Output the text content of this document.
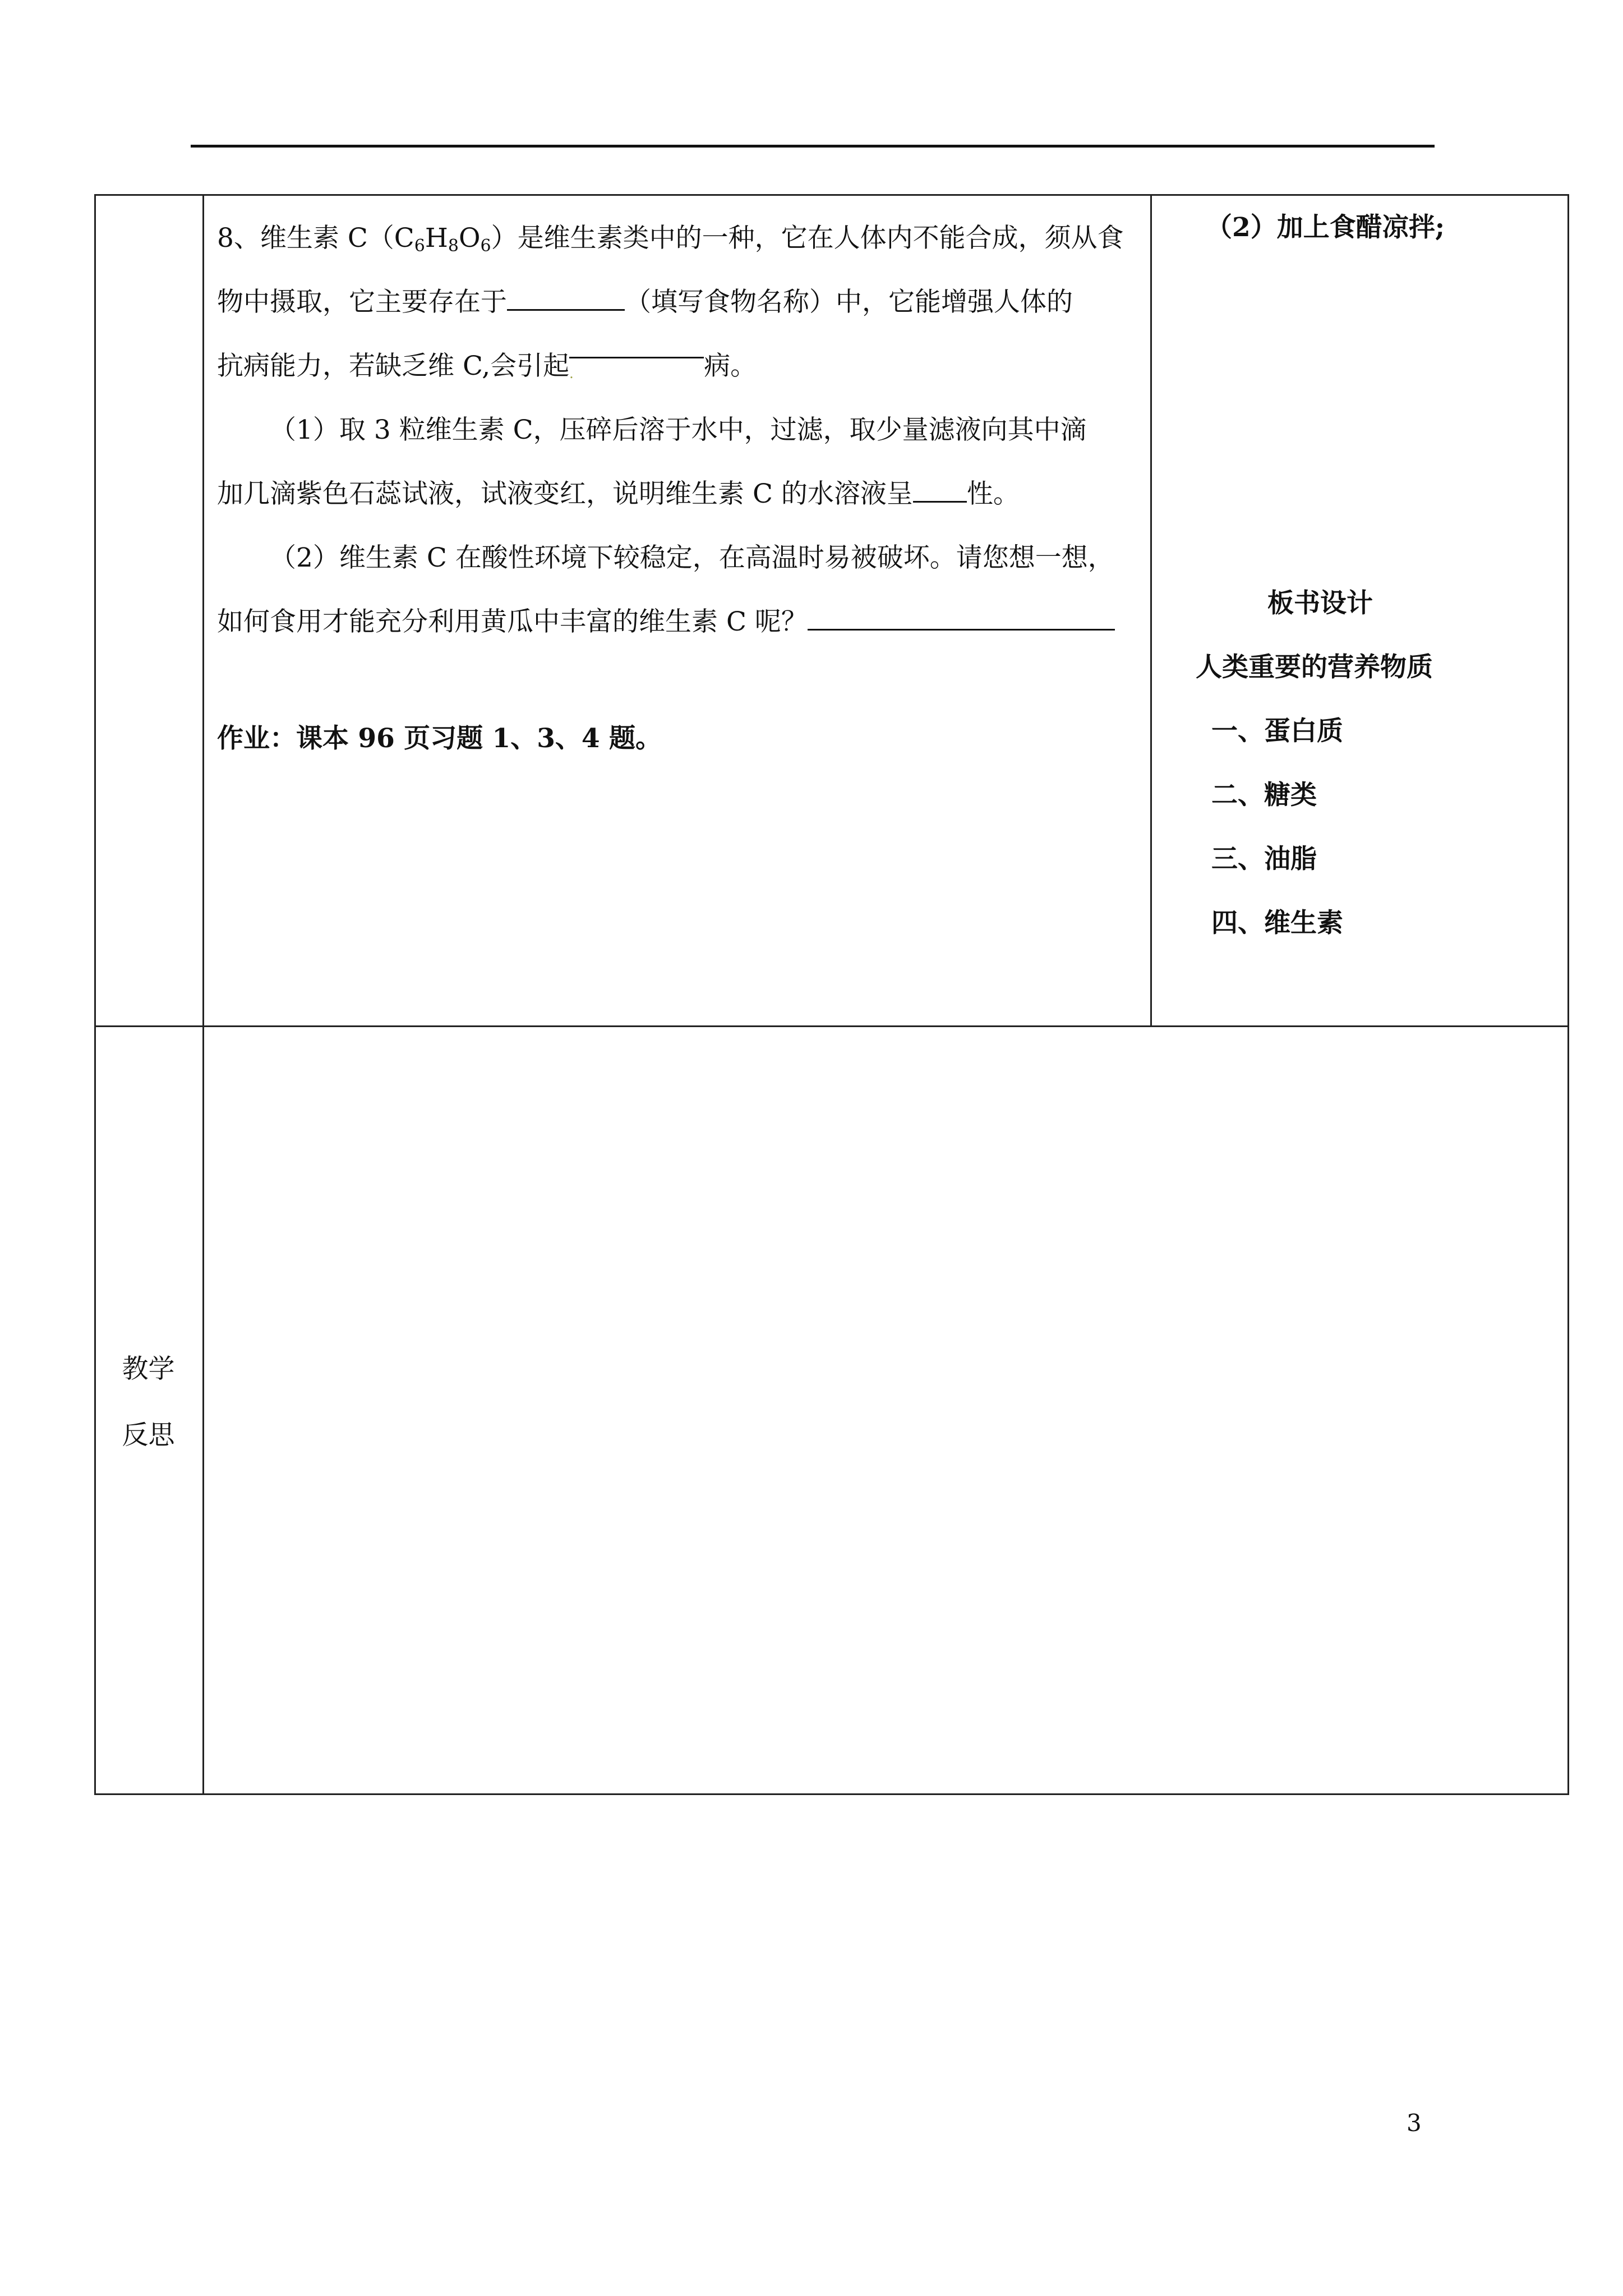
8、维生素 $C(C_6H_8O_6)$是维生素类中的一种，它在人体内不能合成，须从食

物中摄取，它主要存在于	（填写食物名称）中，它能增强人体的

抗病能力，若缺乏维 C,会引起.	病。

（1）取 3 粒维生素 C，压碎后溶于水中，过滤，取少量滤液向其中滴

加几滴紫色石蕊试液，试液变红，说明维生素 C 的水溶液呈 性。

（2）维生素 C 在酸性环境下较稳定，在高温时易被破坏。请您想一想，

如何食用才能充分利用黄瓜中丰富的维生素 C 呢？

作业：课本 96 页习题 1、3、4 题。

（2）加上食醋凉拌;
板书设计
人类重要的营养物质
一、蛋白质
二、糖类
三、油脂
四、维生素
教学
反思
3
